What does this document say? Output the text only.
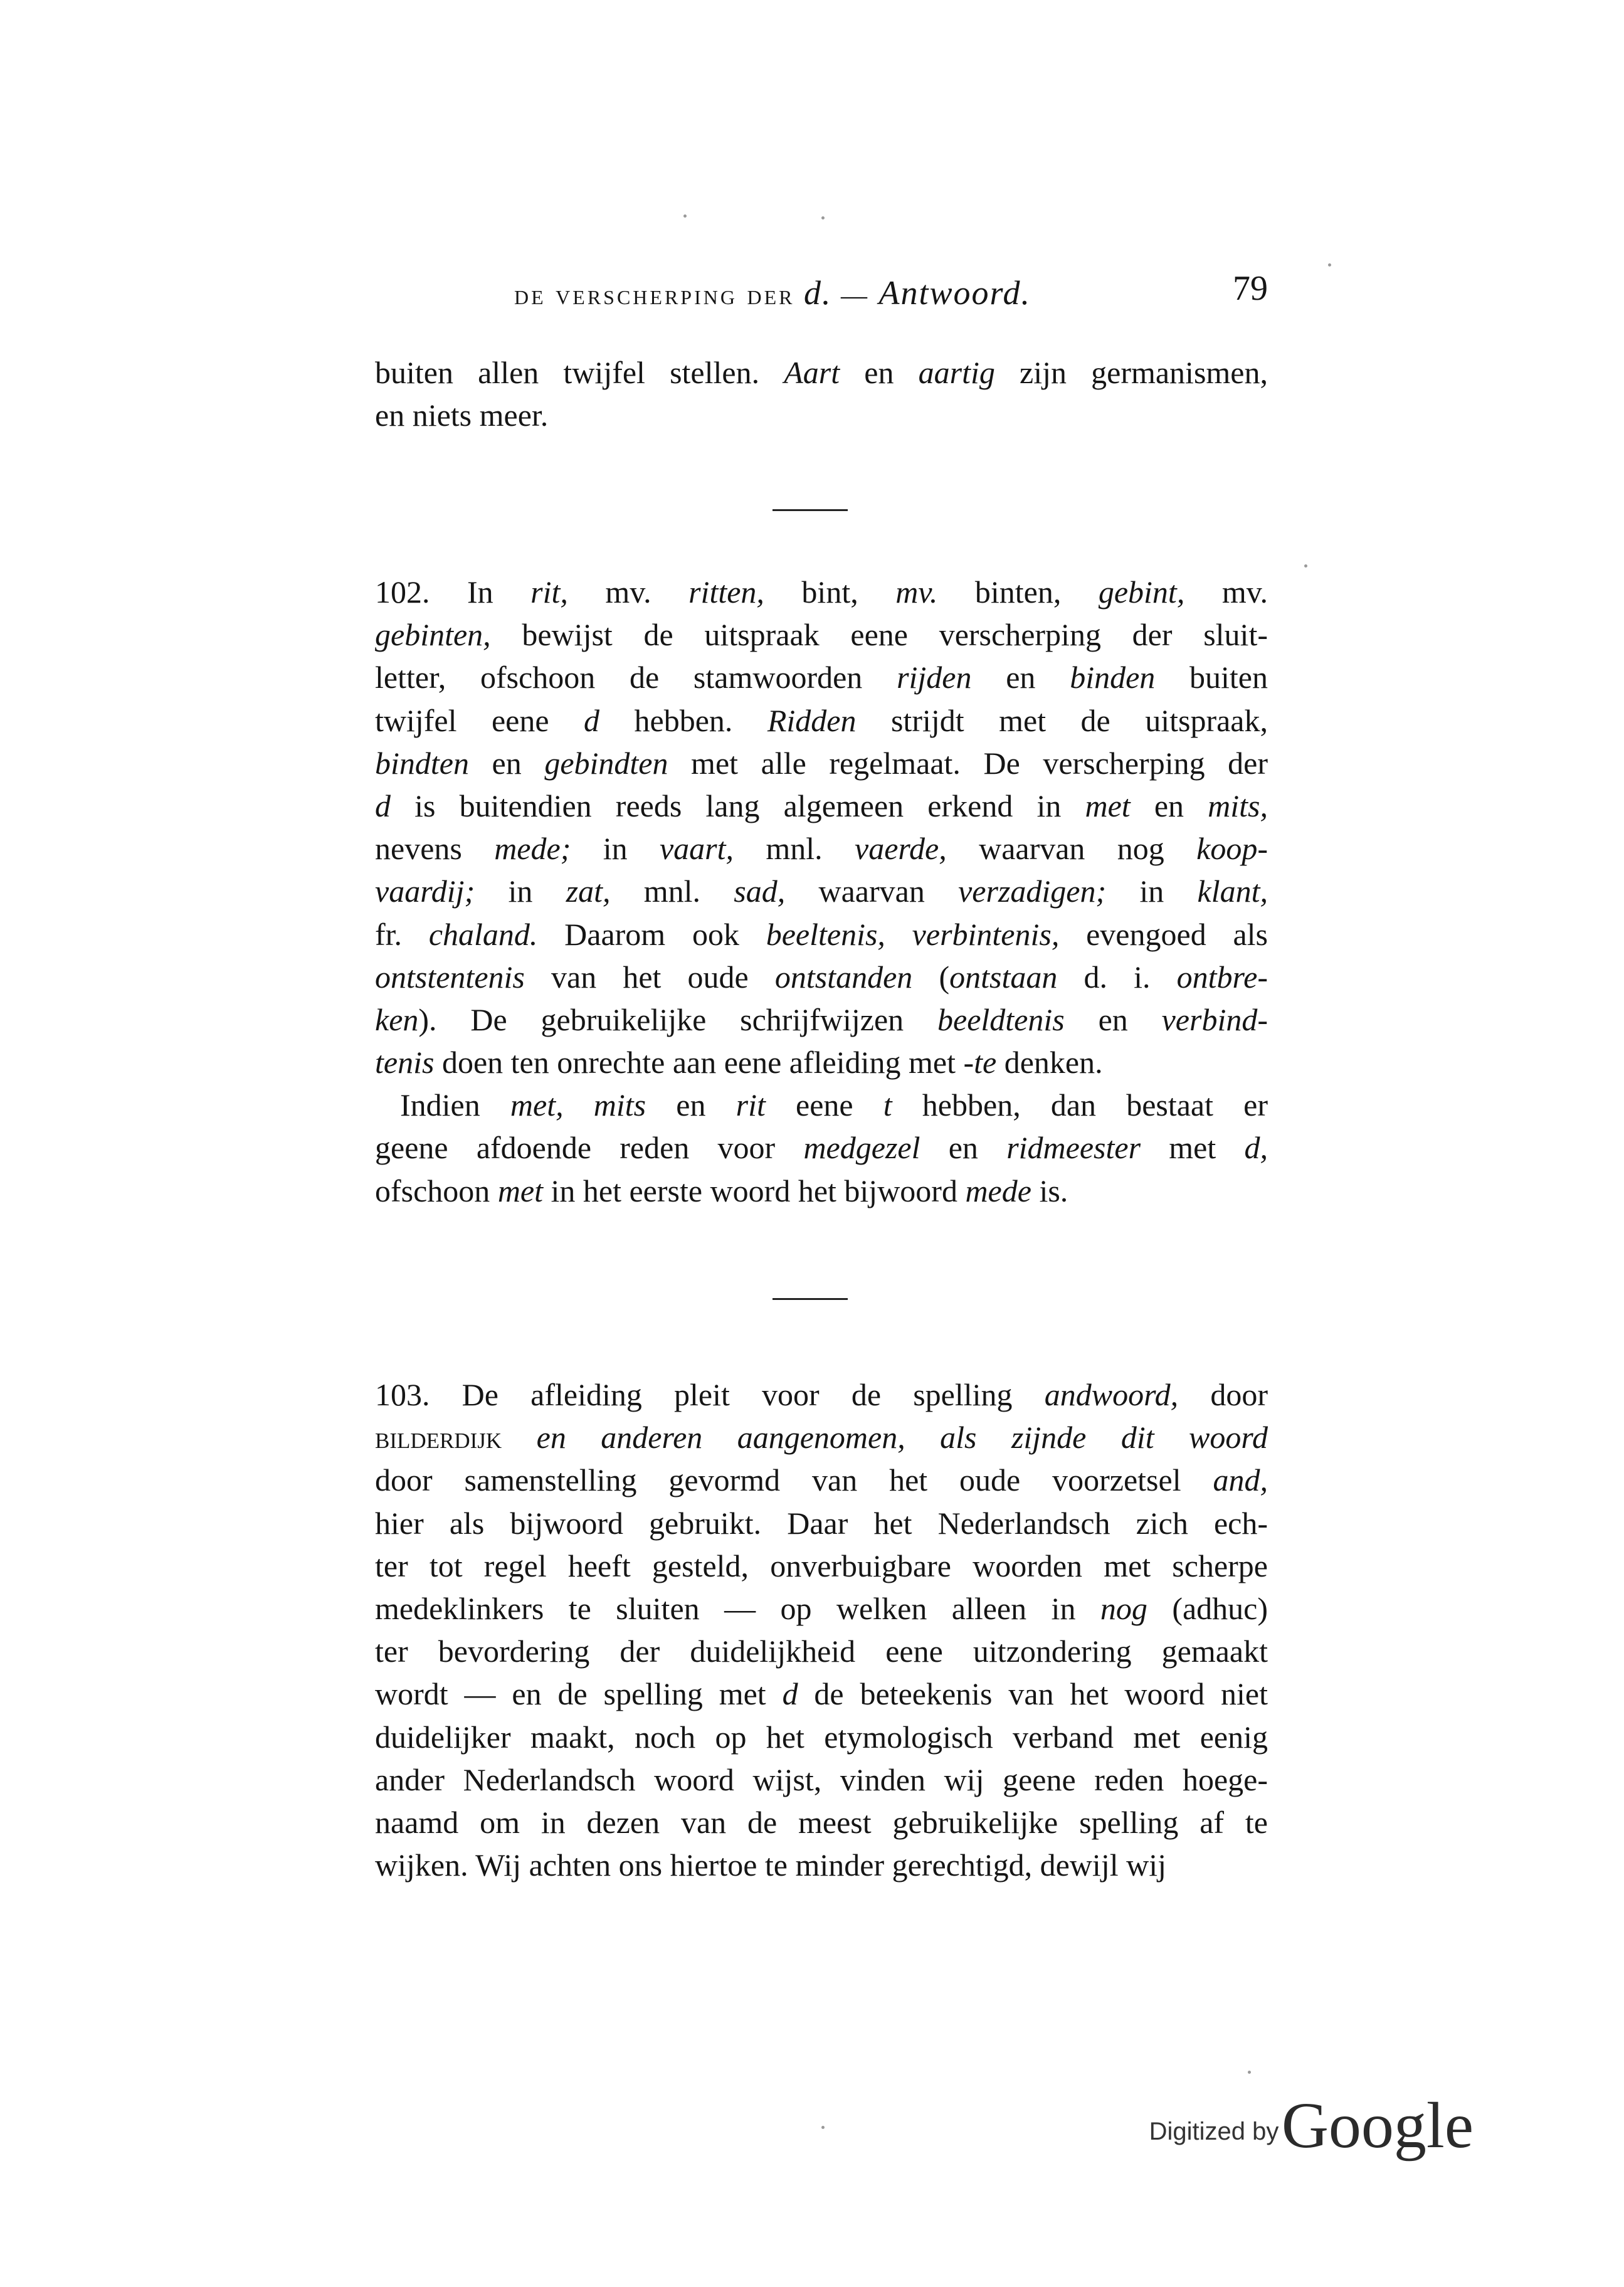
de verscherping der d. — Antwoord.	79
buiten allen twijfel stellen. Aart en aartig zijn germanismen,
en niets meer.
102. In rit, mv. ritten, bint, mv. binten, gebint, mv.
gebinten, bewijst de uitspraak eene verscherping der sluit-
letter, ofschoon de stamwoorden rijden en binden buiten
twijfel eene d hebben. Ridden strijdt met de uitspraak,
bindten en gebindten met alle regelmaat. De verscherping der
d is buitendien reeds lang algemeen erkend in met en mits,
nevens mede; in vaart, mnl. vaerde, waarvan nog koop-
vaardij; in zat, mnl. sad, waarvan verzadigen; in klant,
fr. chaland. Daarom ook beeltenis, verbintenis, evengoed als
ontstentenis van het oude ontstanden (ontstaan d. i. ontbre-
ken). De gebruikelijke schrijfwijzen beeldtenis en verbind-
tenis doen ten onrechte aan eene afleiding met -te denken.
Indien met, mits en rit eene t hebben, dan bestaat er
geene afdoende reden voor medgezel en ridmeester met d,
ofschoon met in het eerste woord het bijwoord mede is.
103. De afleiding pleit voor de spelling andwoord, door
bilderdijk en anderen aangenomen, als zijnde dit woord
door samenstelling gevormd van het oude voorzetsel and,
hier als bijwoord gebruikt. Daar het Nederlandsch zich ech-
ter tot regel heeft gesteld, onverbuigbare woorden met scherpe
medeklinkers te sluiten — op welken alleen in nog (adhuc)
ter bevordering der duidelijkheid eene uitzondering gemaakt
wordt — en de spelling met d de beteekenis van het woord niet
duidelijker maakt, noch op het etymologisch verband met eenig
ander Nederlandsch woord wijst, vinden wij geene reden hoege-
naamd om in dezen van de meest gebruikelijke spelling af te
wijken. Wij achten ons hiertoe te minder gerechtigd, dewijl wij
Digitized by Google
